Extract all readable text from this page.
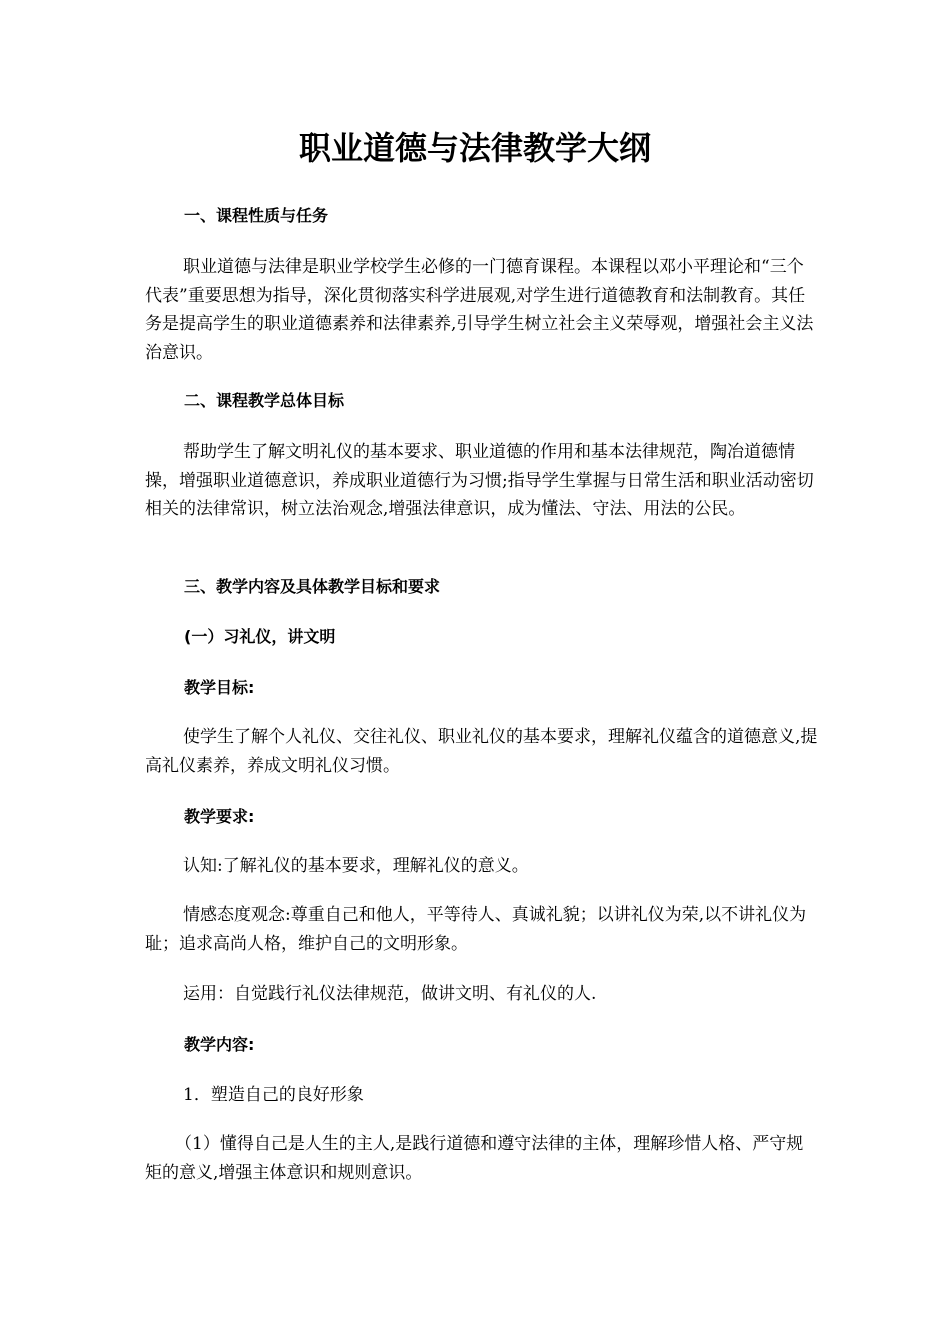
职业道德与法律教学大纲
一、课程性质与任务

职业道德与法律是职业学校学生必修的一门德育课程。本课程以邓小平理论和“三个代表”重要思想为指导，深化贯彻落实科学进展观,对学生进行道德教育和法制教育。其任务是提高学生的职业道德素养和法律素养,引导学生树立社会主义荣辱观，增强社会主义法治意识。

二、课程教学总体目标

帮助学生了解文明礼仪的基本要求、职业道德的作用和基本法律规范，陶冶道德情操，增强职业道德意识，养成职业道德行为习惯;指导学生掌握与日常生活和职业活动密切相关的法律常识，树立法治观念,增强法律意识，成为懂法、守法、用法的公民。

三、教学内容及具体教学目标和要求
(一）习礼仪，讲文明
教学目标:

使学生了解个人礼仪、交往礼仪、职业礼仪的基本要求，理解礼仪蕴含的道德意义,提高礼仪素养，养成文明礼仪习惯。

教学要求:

认知:了解礼仪的基本要求，理解礼仪的意义。

情感态度观念:尊重自己和他人，平等待人、真诚礼貌；以讲礼仪为荣,以不讲礼仪为耻；追求高尚人格，维护自己的文明形象。

运用：自觉践行礼仪法律规范，做讲文明、有礼仪的人.

教学内容:

1．塑造自己的良好形象

（1）懂得自己是人生的主人,是践行道德和遵守法律的主体，理解珍惜人格、严守规矩的意义,增强主体意识和规则意识。
